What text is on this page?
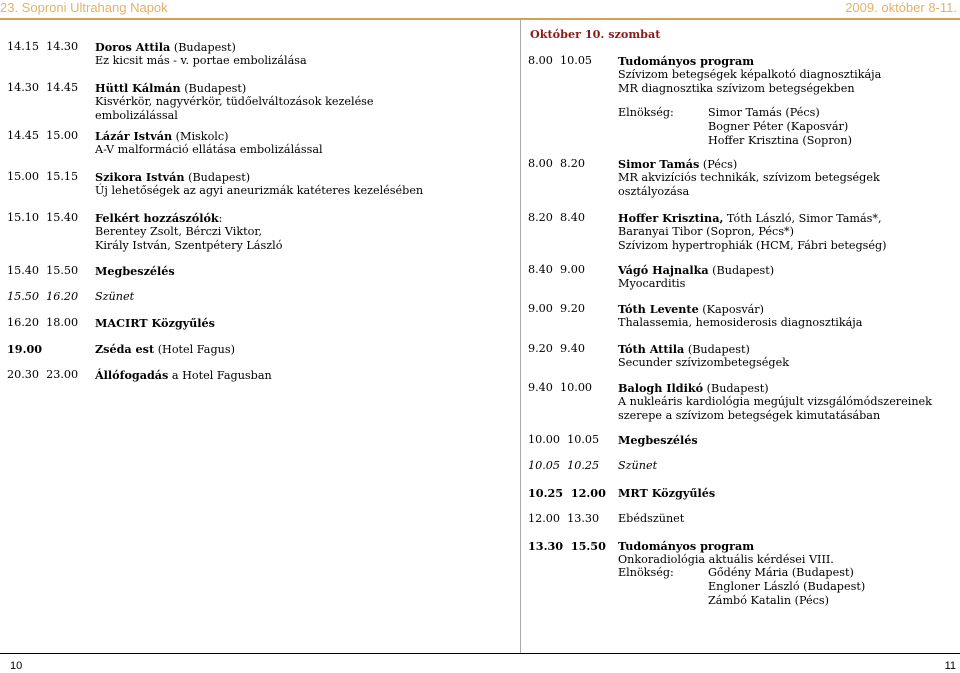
23. Soproni Ultrahang Napok	2009. október 8-11.
10	11
Október 10. szombat
14.15  14.30 Doros Attila (Budapest)
Ez kicsit más - v. portae embolizálása
14.30  14.45 Hüttl Kálmán (Budapest)
Kisvérkör, nagyvérkör, tüdőelváltozások kezelése
embolizálással
14.45  15.00 Lázár István (Miskolc)
A-V malformáció ellátása embolizálással
15.00  15.15 Szikora István (Budapest)
Új lehetőségek az agyi aneurizmák katéteres kezelésében
15.10  15.40 Felkért hozzászólók:
Berentey Zsolt, Bérczi Viktor,
Király István, Szentpétery László
15.40  15.50 Megbeszélés
15.50  16.20 Szünet
16.20  18.00 MACIRT Közgyűlés
19.00	Zséda est (Hotel Fagus)
20.30  23.00 Állófogadás a Hotel Fagusban
8.00  10.05 Tudományos program
Szívizom betegségek képalkotó diagnosztikája
MR diagnosztika szívizom betegségekben
Elnökség:	Simor Tamás (Pécs)
Bogner Péter (Kaposvár)
Hoffer Krisztina (Sopron)
8.00  8.20	Simor Tamás (Pécs)
MR akvizíciós technikák, szívizom betegségek
osztályozása
8.20  8.40	Hoffer Krisztina, Tóth László, Simor Tamás*,
Baranyai Tibor (Sopron, Pécs*)
Szívizom hypertrophiák (HCM, Fábri betegség)
8.40  9.00	Vágó Hajnalka (Budapest)
Myocarditis
9.00  9.20	Tóth Levente (Kaposvár)
Thalassemia, hemosiderosis diagnosztikája
9.20  9.40	Tóth Attila (Budapest)
Secunder szívizombetegségek
9.40  10.00 Balogh Ildikó (Budapest)
A nukleáris kardiológia megújult vizsgálómódszereinek
szerepe a szívizom betegségek kimutatásában
10.00  10.05 Megbeszélés
10.05  10.25 Szünet
10.25  12.00 MRT Közgyűlés
12.00  13.30 Ebédszünet
13.30  15.50 Tudományos program
Onkoradiológia aktuális kérdései VIII.
Elnökség:	Gődény Mária (Budapest)
Engloner László (Budapest)
Zámbó Katalin (Pécs)
